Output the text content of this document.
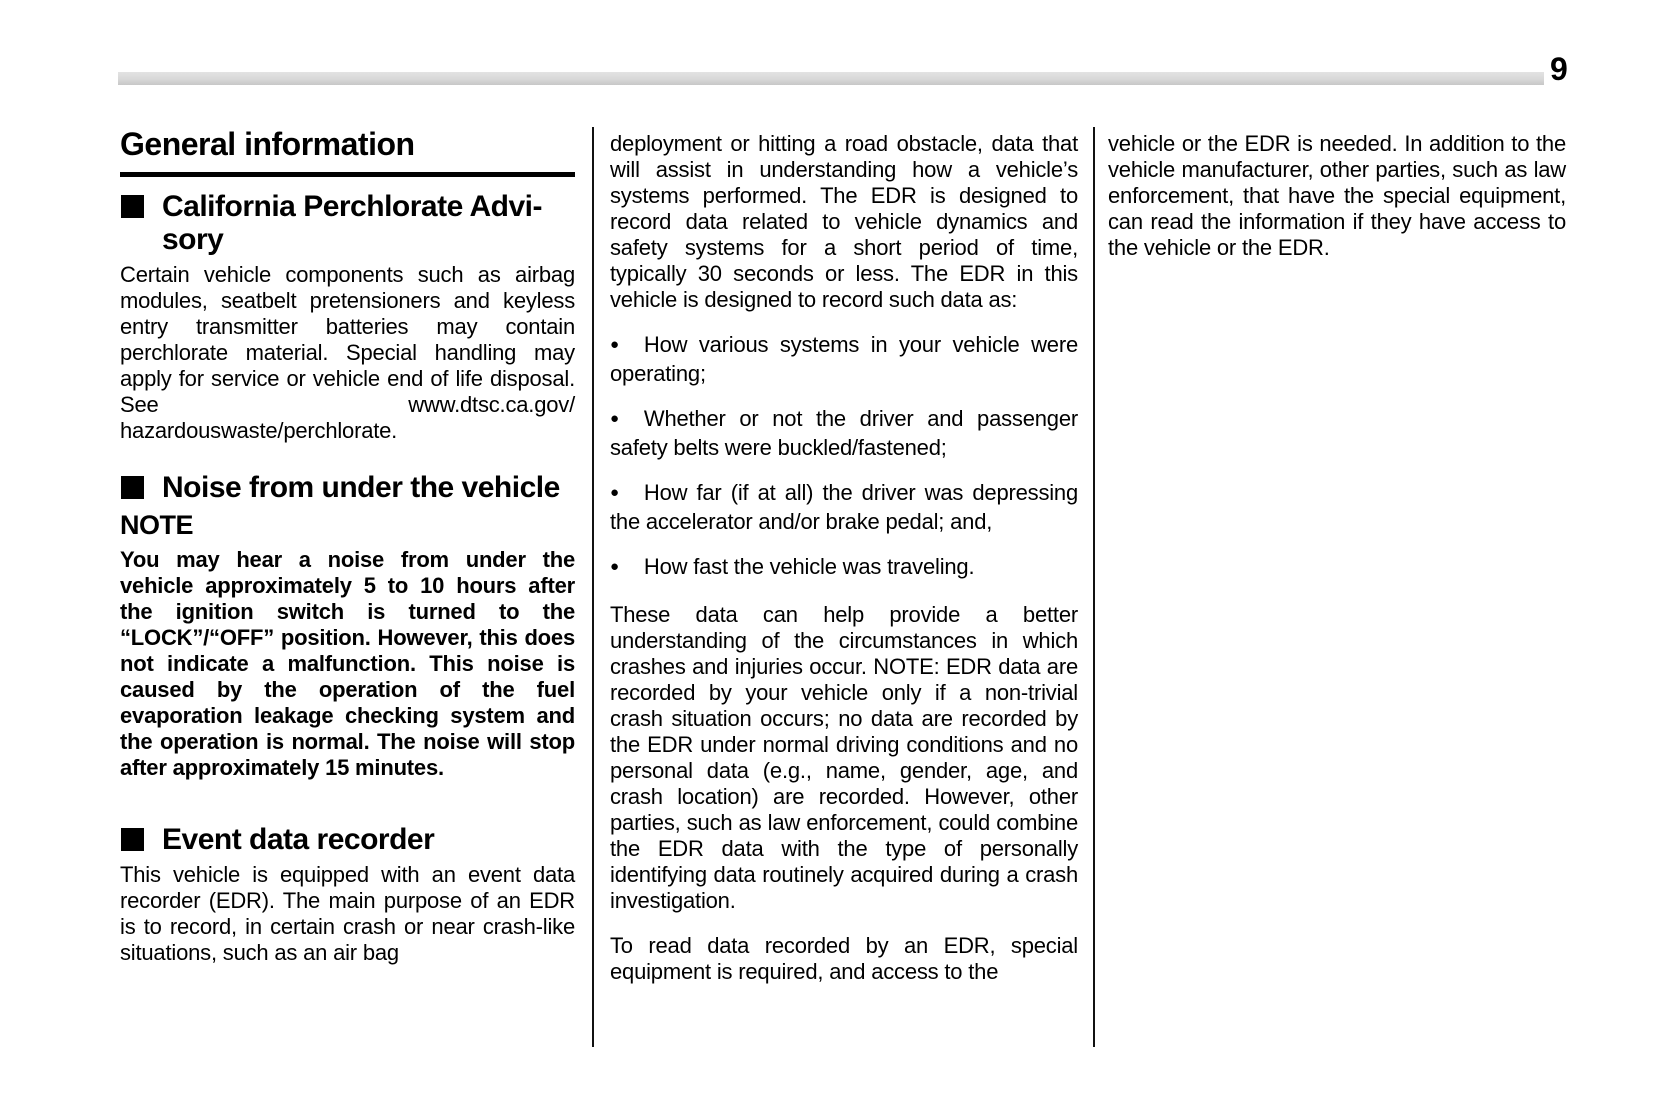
9
General information
California Perchlorate Advisory

Certain vehicle components such as airbag modules, seatbelt pretensioners and keyless entry transmitter batteries may contain perchlorate material. Special handling may apply for service or vehicle end of life disposal. See www.dtsc.ca.gov/​hazardouswaste/perchlorate.

Noise from under the vehicle

NOTE

You may hear a noise from under the vehicle approximately 5 to 10 hours after the ignition switch is turned to the “LOCK”/“OFF” position. However, this does not indicate a malfunction. This noise is caused by the operation of the fuel evaporation leakage checking system and the operation is normal. The noise will stop after approximately 15 minutes.

Event data recorder

This vehicle is equipped with an event data recorder (EDR). The main purpose of an EDR is to record, in certain crash or near crash-like situations, such as an air bag

deployment or hitting a road obstacle, data that will assist in understanding how a vehicle’s systems performed. The EDR is designed to record data related to vehicle dynamics and safety systems for a short period of time, typically 30 seconds or less. The EDR in this vehicle is designed to record such data as:

● How various systems in your vehicle were operating;

● Whether or not the driver and passenger safety belts were buckled/fastened;

● How far (if at all) the driver was depressing the accelerator and/or brake pedal; and,

● How fast the vehicle was traveling.

These data can help provide a better understanding of the circumstances in which crashes and injuries occur. NOTE: EDR data are recorded by your vehicle only if a non-trivial crash situation occurs; no data are recorded by the EDR under normal driving conditions and no personal data (e.g., name, gender, age, and crash location) are recorded. However, other parties, such as law enforcement, could combine the EDR data with the type of personally identifying data routinely acquired during a crash investigation.

To read data recorded by an EDR, special equipment is required, and access to the

vehicle or the EDR is needed. In addition to the vehicle manufacturer, other parties, such as law enforcement, that have the special equipment, can read the information if they have access to the vehicle or the EDR.
